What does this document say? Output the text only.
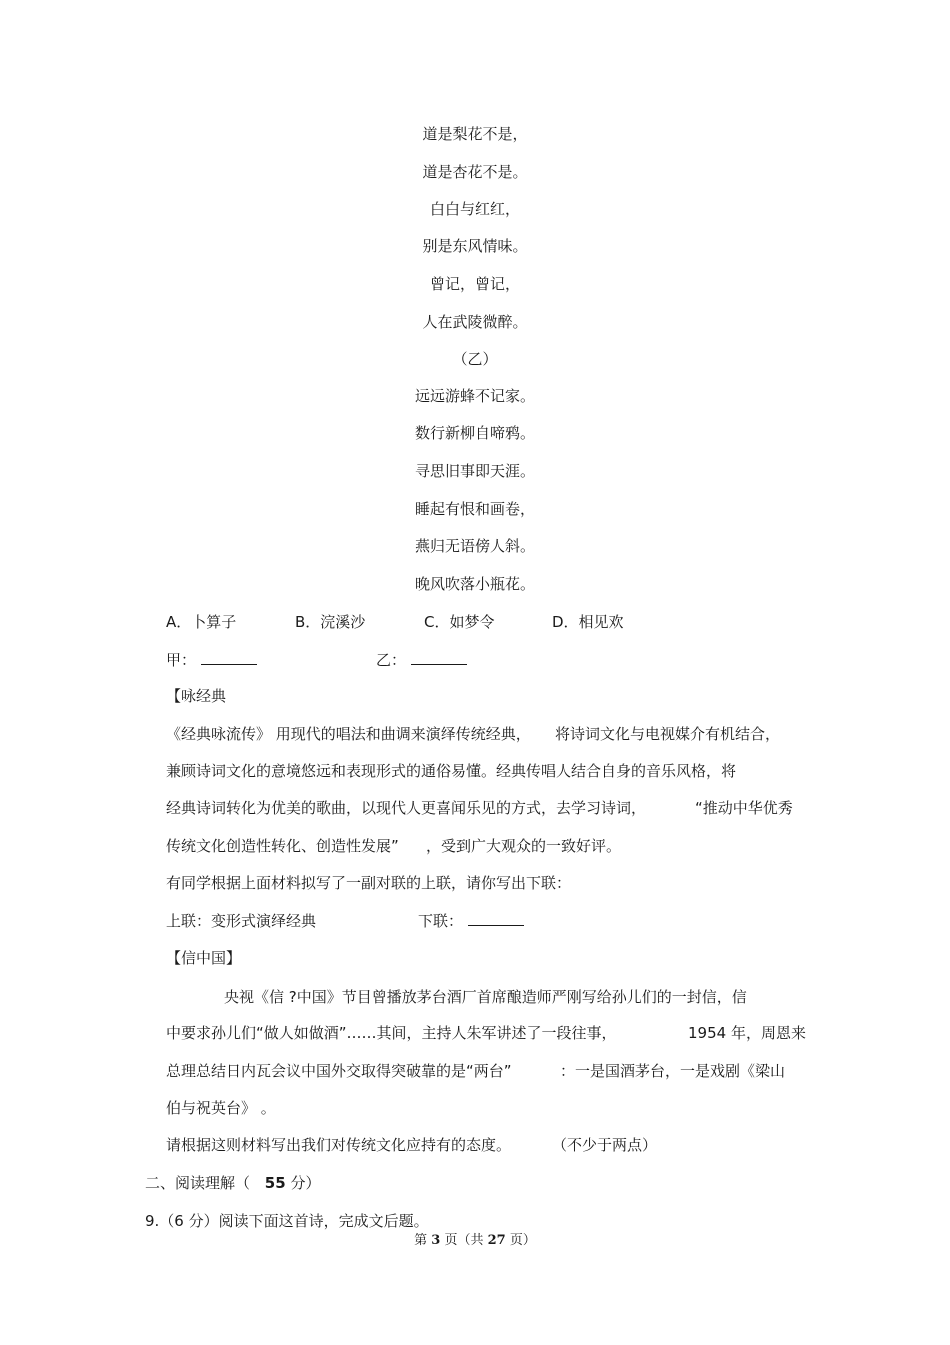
道是梨花不是，
道是杏花不是。
白白与红红，
别是东风情味。
曾记，曾记，
人在武陵微醉。
（乙）
远远游蜂不记家。
数行新柳自啼鸦。
寻思旧事即天涯。
睡起有恨和画卷，
燕归无语傍人斜。
晚风吹落小瓶花。
A．卜算子	B．浣溪沙	C．如梦令	D．相见欢
甲：	乙：
【咏经典
《经典咏流传》 用现代的唱法和曲调来演绎传统经典， 将诗词文化与电视媒介有机结合，
兼顾诗词文化的意境悠远和表现形式的通俗易懂。经典传唱人结合自身的音乐风格，将
经典诗词转化为优美的歌曲，以现代人更喜闻乐见的方式，去学习诗词，	“推动中华优秀
传统文化创造性转化、创造性发展” ，受到广大观众的一致好评。
有同学根据上面材料拟写了一副对联的上联，请你写出下联：
上联：变形式演绎经典	下联：
【信中国】
央视《信 ?中国》节目曾播放茅台酒厂首席酿造师严刚写给孙儿们的一封信，信
中要求孙儿们“做人如做酒”……其间，主持人朱军讲述了一段往事，	1954 年，周恩来
总理总结日内瓦会议中国外交取得突破靠的是“两台”	：一是国酒茅台，一是戏剧《梁山
伯与祝英台》 。
请根据这则材料写出我们对传统文化应持有的态度。	（不少于两点）
二、阅读理解（ 55 分）
9.（6 分）阅读下面这首诗，完成文后题。
第 3 页（共 27 页）
